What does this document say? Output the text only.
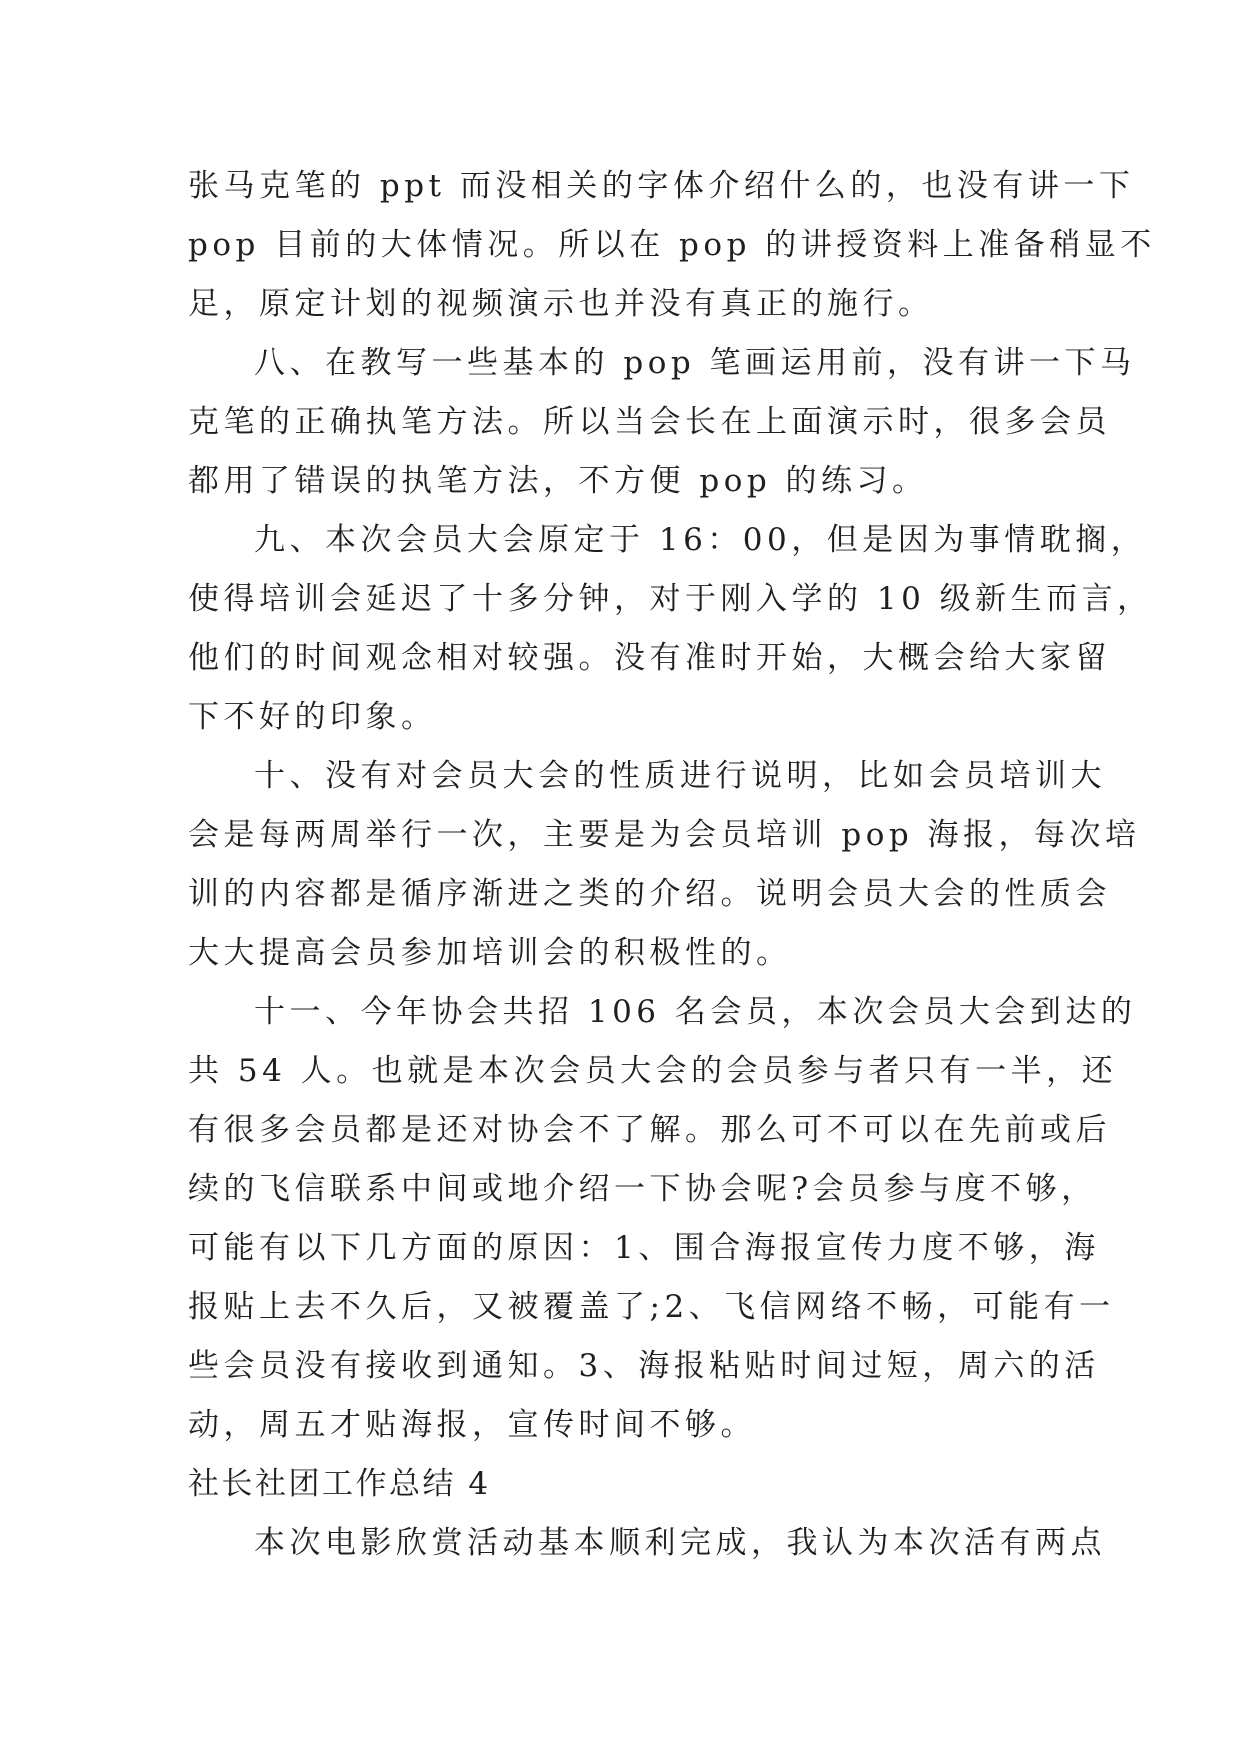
张马克笔的 ppt 而没相关的字体介绍什么的，也没有讲一下
pop 目前的大体情况。所以在 pop 的讲授资料上准备稍显不
足，原定计划的视频演示也并没有真正的施行。
八、在教写一些基本的 pop 笔画运用前，没有讲一下马
克笔的正确执笔方法。所以当会长在上面演示时，很多会员
都用了错误的执笔方法，不方便 pop 的练习。
九、本次会员大会原定于 16：00，但是因为事情耽搁，
使得培训会延迟了十多分钟，对于刚入学的 10 级新生而言，
他们的时间观念相对较强。没有准时开始，大概会给大家留
下不好的印象。
十、没有对会员大会的性质进行说明，比如会员培训大
会是每两周举行一次，主要是为会员培训 pop 海报，每次培
训的内容都是循序渐进之类的介绍。说明会员大会的性质会
大大提高会员参加培训会的积极性的。
十一、今年协会共招 106 名会员，本次会员大会到达的
共 54 人。也就是本次会员大会的会员参与者只有一半，还
有很多会员都是还对协会不了解。那么可不可以在先前或后
续的飞信联系中间或地介绍一下协会呢?会员参与度不够，
可能有以下几方面的原因：1、围合海报宣传力度不够，海
报贴上去不久后，又被覆盖了;2、飞信网络不畅，可能有一
些会员没有接收到通知。3、海报粘贴时间过短，周六的活
动，周五才贴海报，宣传时间不够。
社长社团工作总结 4
本次电影欣赏活动基本顺利完成，我认为本次活有两点
